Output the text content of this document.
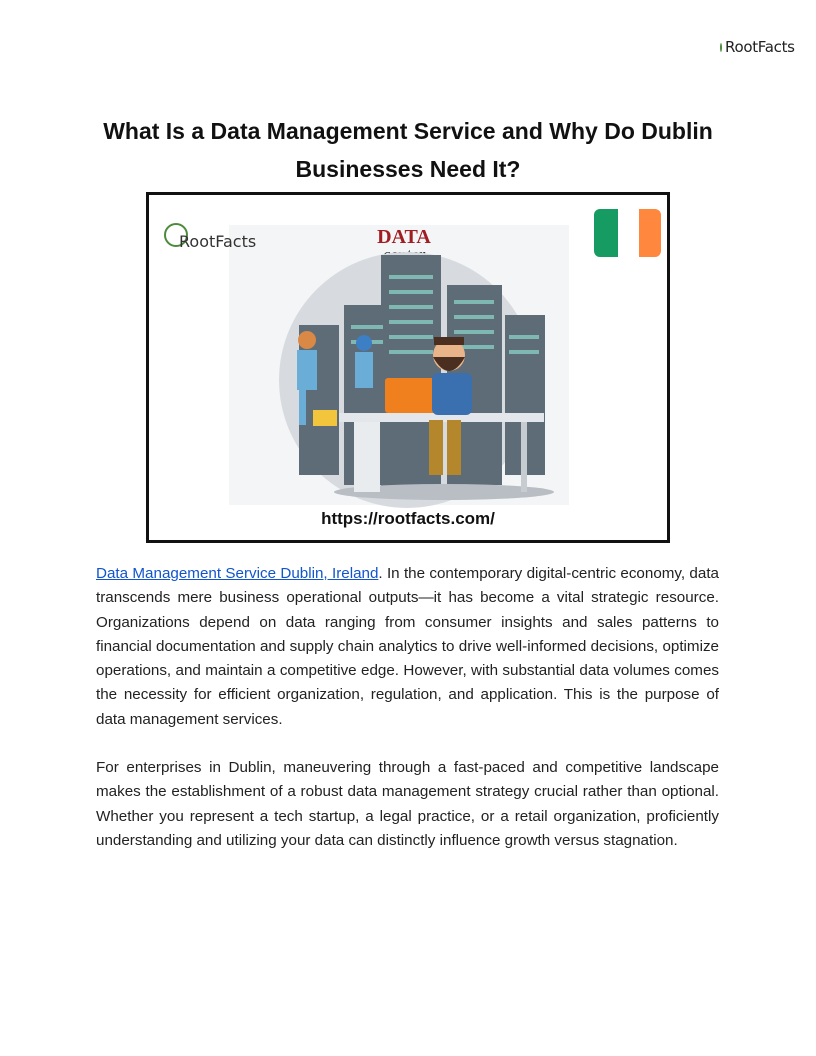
RootFacts
What Is a Data Management Service and Why Do Dublin Businesses Need It?
RootFacts	DATA
https://rootfacts.com/

Data Management Service Dublin, Ireland. In the contemporary digital-centric economy, data transcends mere business operational outputs—it has become a vital strategic resource. Organizations depend on data ranging from consumer insights and sales patterns to financial documentation and supply chain analytics to drive well-informed decisions, optimize operations, and maintain a competitive edge. However, with substantial data volumes comes the necessity for efficient organization, regulation, and application. This is the purpose of data management services.

For enterprises in Dublin, maneuvering through a fast-paced and competitive landscape makes the establishment of a robust data management strategy crucial rather than optional. Whether you represent a tech startup, a legal practice, or a retail organization, proficiently understanding and utilizing your data can distinctly influence growth versus stagnation.
